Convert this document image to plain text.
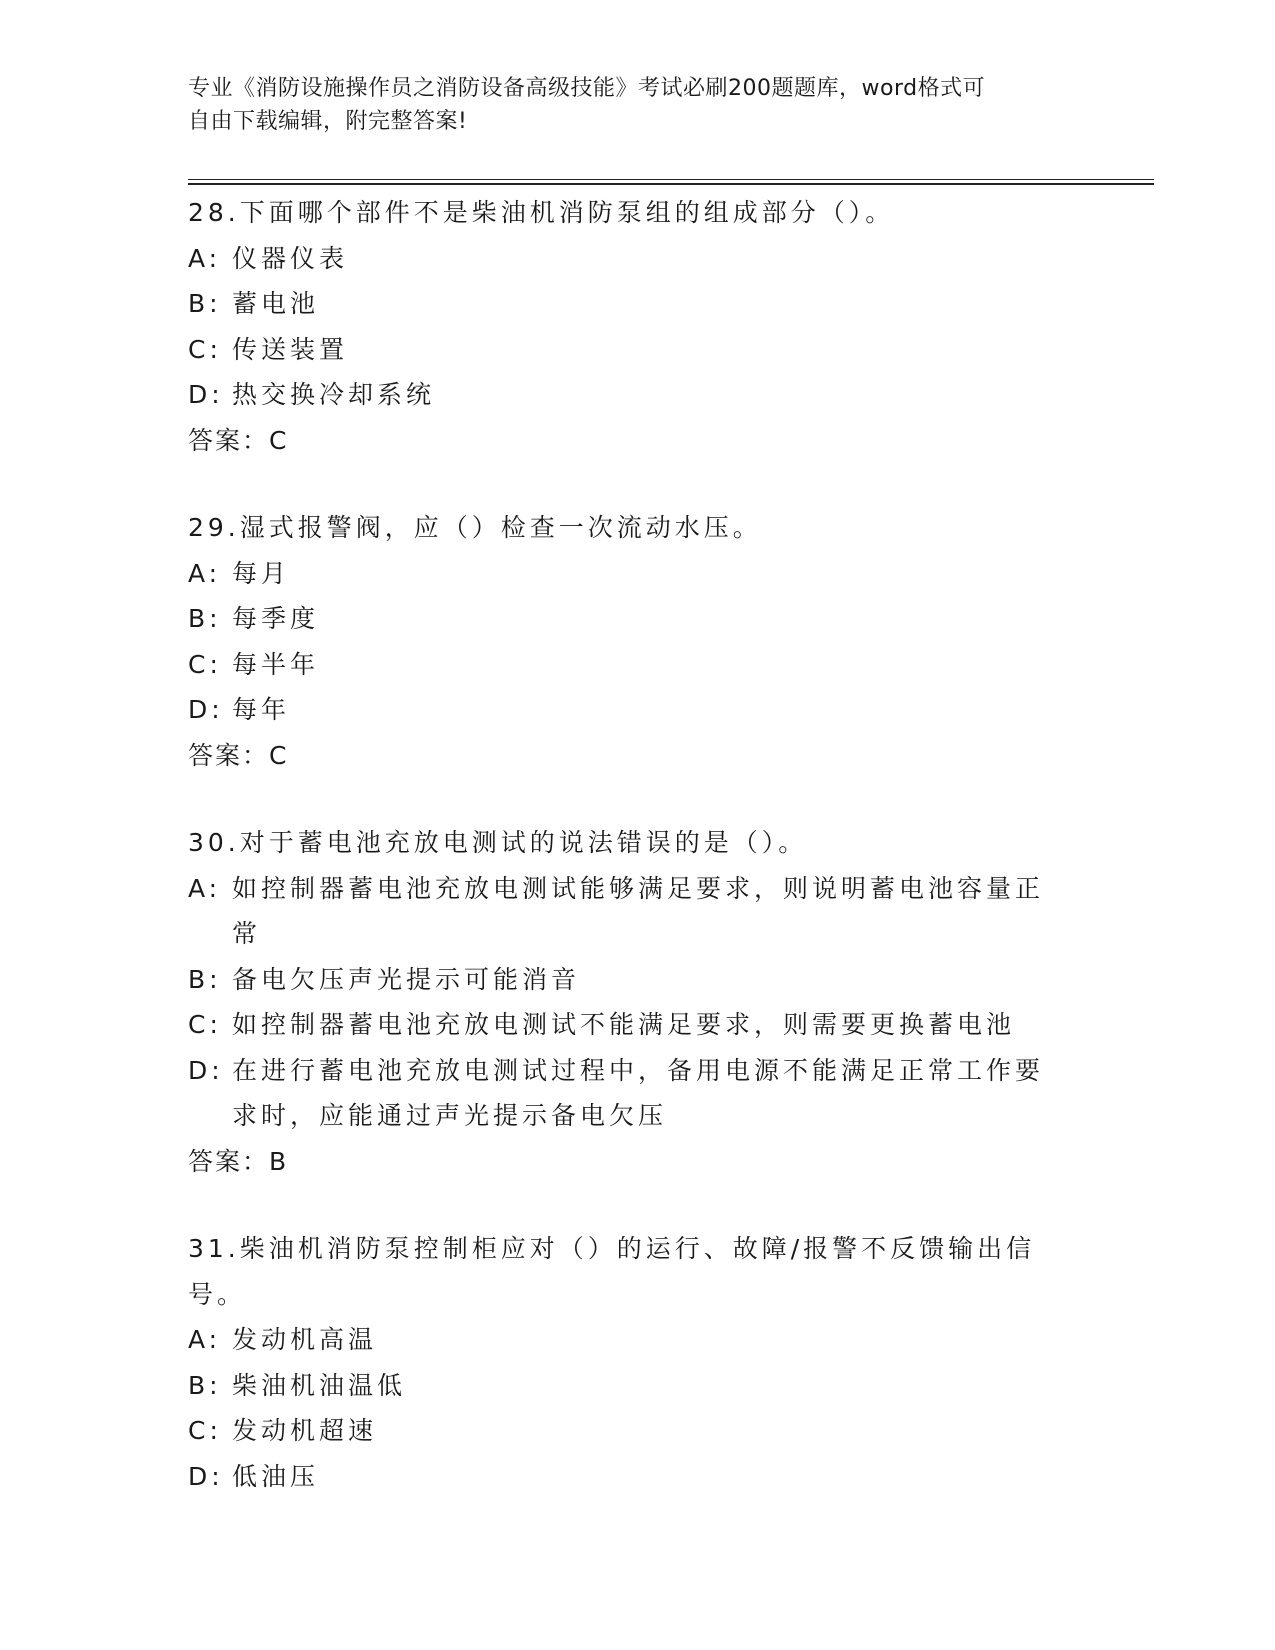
专业《消防设施操作员之消防设备高级技能》考试必刷200题题库，word格式可
自由下载编辑，附完整答案!
28.下面哪个部件不是柴油机消防泵组的组成部分（）。
A: 仪器仪表
B: 蓄电池
C: 传送装置
D: 热交换冷却系统
答案：C
29.湿式报警阀，应（）检查一次流动水压。
A: 每月
B: 每季度
C: 每半年
D: 每年
答案：C
30.对于蓄电池充放电测试的说法错误的是（）。
A: 如控制器蓄电池充放电测试能够满足要求，则说明蓄电池容量正常
B: 备电欠压声光提示可能消音
C: 如控制器蓄电池充放电测试不能满足要求，则需要更换蓄电池
D: 在进行蓄电池充放电测试过程中，备用电源不能满足正常工作要求时，应能通过声光提示备电欠压
答案：B
31.柴油机消防泵控制柜应对（）的运行、故障/报警不反馈输出信号。
A: 发动机高温
B: 柴油机油温低
C: 发动机超速
D: 低油压
